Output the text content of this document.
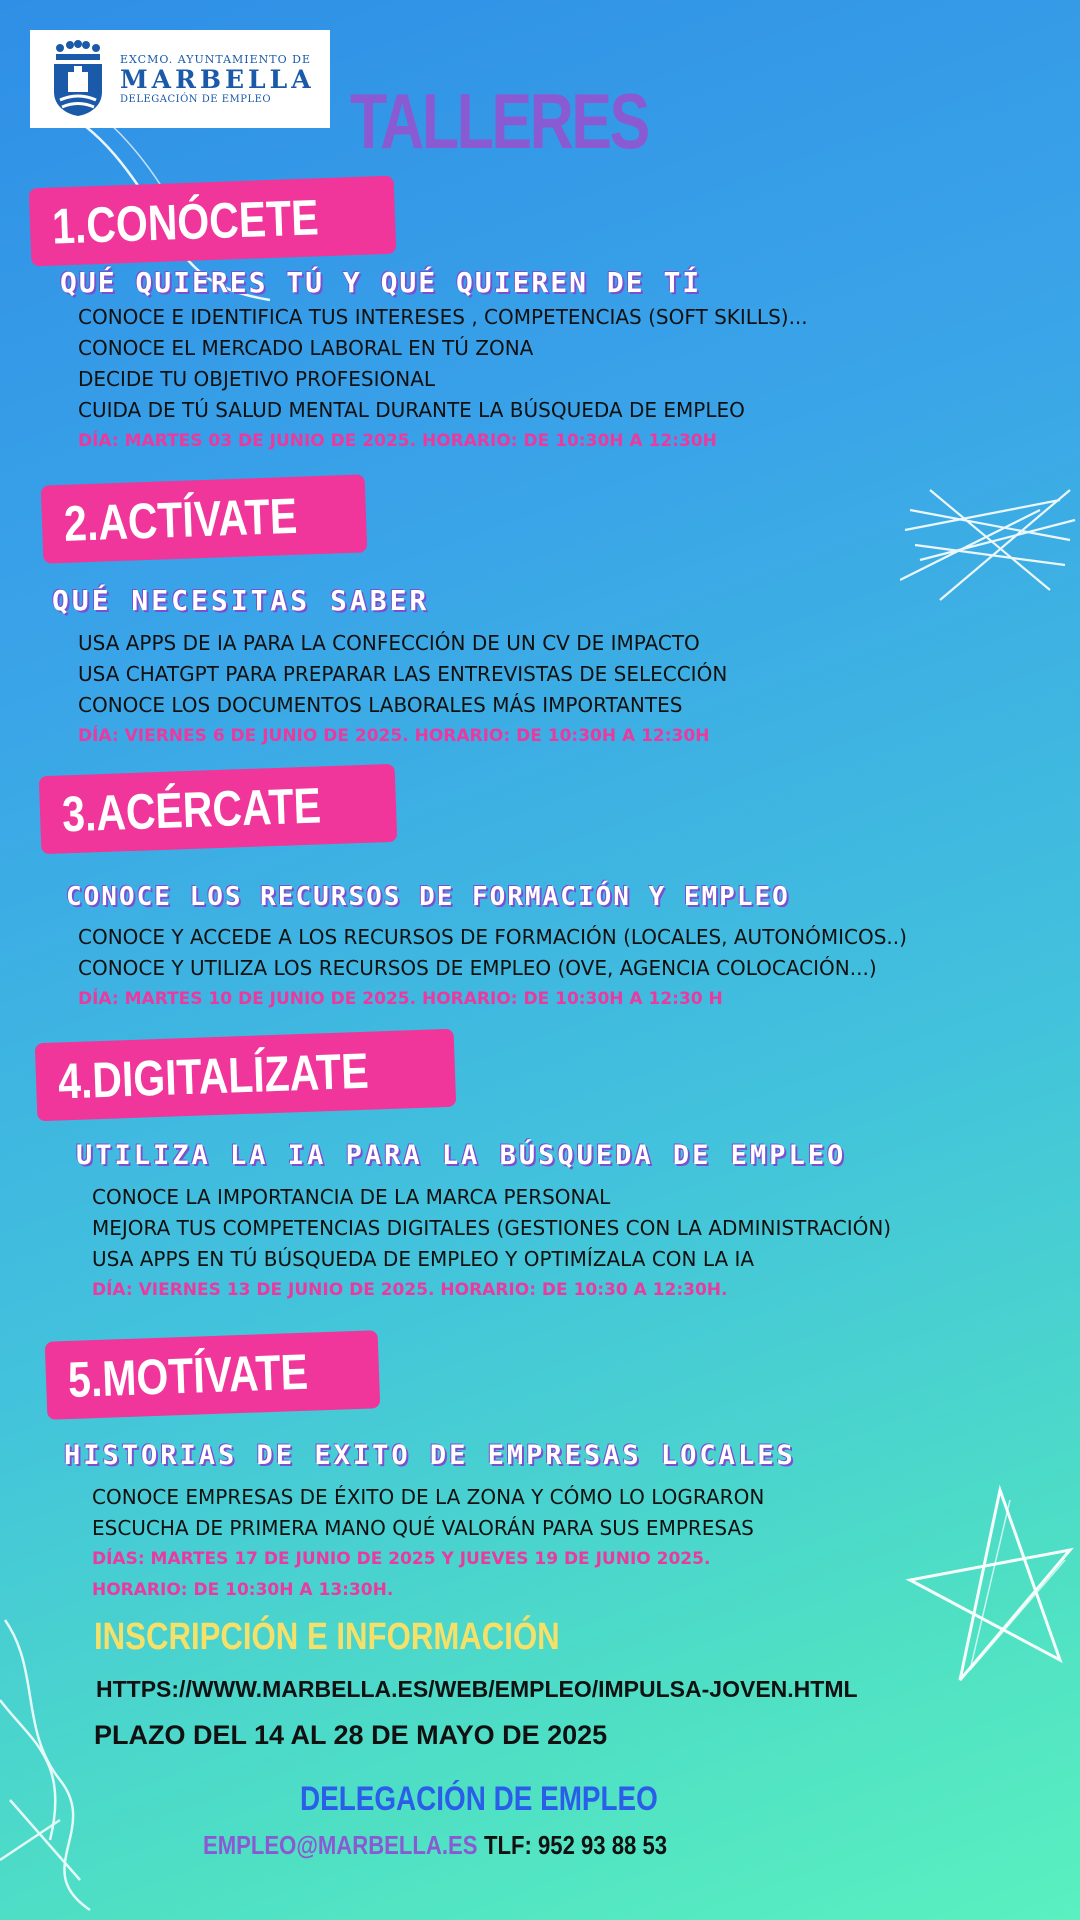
EXCMO. AYUNTAMIENTO DE
MARBELLA
DELEGACIÓN DE EMPLEO	TALLERES
1.CONÓCETE
QUÉ QUIERES TÚ Y QUÉ QUIEREN DE TÍ
CONOCE E IDENTIFICA TUS INTERESES , COMPETENCIAS (SOFT SKILLS)...
CONOCE EL MERCADO LABORAL EN TÚ ZONA
DECIDE TU OBJETIVO PROFESIONAL
CUIDA DE TÚ SALUD MENTAL DURANTE LA BÚSQUEDA DE EMPLEO
DÍA: MARTES 03 DE JUNIO DE 2025. HORARIO: DE 10:30H A 12:30H
2.ACTÍVATE
QUÉ NECESITAS SABER
USA APPS DE IA PARA LA CONFECCIÓN DE UN CV DE IMPACTO
USA CHATGPT PARA PREPARAR LAS ENTREVISTAS DE SELECCIÓN
CONOCE LOS DOCUMENTOS LABORALES MÁS IMPORTANTES
DÍA: VIERNES 6 DE JUNIO DE 2025. HORARIO: DE 10:30H A 12:30H
3.ACÉRCATE
CONOCE LOS RECURSOS DE FORMACIÓN Y EMPLEO
CONOCE Y ACCEDE A LOS RECURSOS DE FORMACIÓN (LOCALES, AUTONÓMICOS..)
CONOCE Y UTILIZA LOS RECURSOS DE EMPLEO (OVE, AGENCIA COLOCACIÓN...)
DÍA: MARTES 10 DE JUNIO DE 2025. HORARIO: DE 10:30H A 12:30 H
4.DIGITALÍZATE
UTILIZA LA IA PARA LA BÚSQUEDA DE EMPLEO
CONOCE LA IMPORTANCIA DE LA MARCA PERSONAL
MEJORA TUS COMPETENCIAS DIGITALES (GESTIONES CON LA ADMINISTRACIÓN)
USA APPS EN TÚ BÚSQUEDA DE EMPLEO Y OPTIMÍZALA CON LA IA
DÍA: VIERNES 13 DE JUNIO DE 2025. HORARIO: DE 10:30 A 12:30H.
5.MOTÍVATE
HISTORIAS DE EXITO DE EMPRESAS LOCALES
CONOCE EMPRESAS DE ÉXITO DE LA ZONA Y CÓMO LO LOGRARON
ESCUCHA DE PRIMERA MANO QUÉ VALORÁN PARA SUS EMPRESAS
DÍAS: MARTES 17 DE JUNIO DE 2025 Y JUEVES 19 DE JUNIO 2025.
HORARIO: DE 10:30H A 13:30H.
INSCRIPCIÓN E INFORMACIÓN
HTTPS://WWW.MARBELLA.ES/WEB/EMPLEO/IMPULSA-JOVEN.HTML
PLAZO DEL 14 AL 28 DE MAYO DE 2025
DELEGACIÓN DE EMPLEO
EMPLEO@MARBELLA.ES TLF: 952 93 88 53
